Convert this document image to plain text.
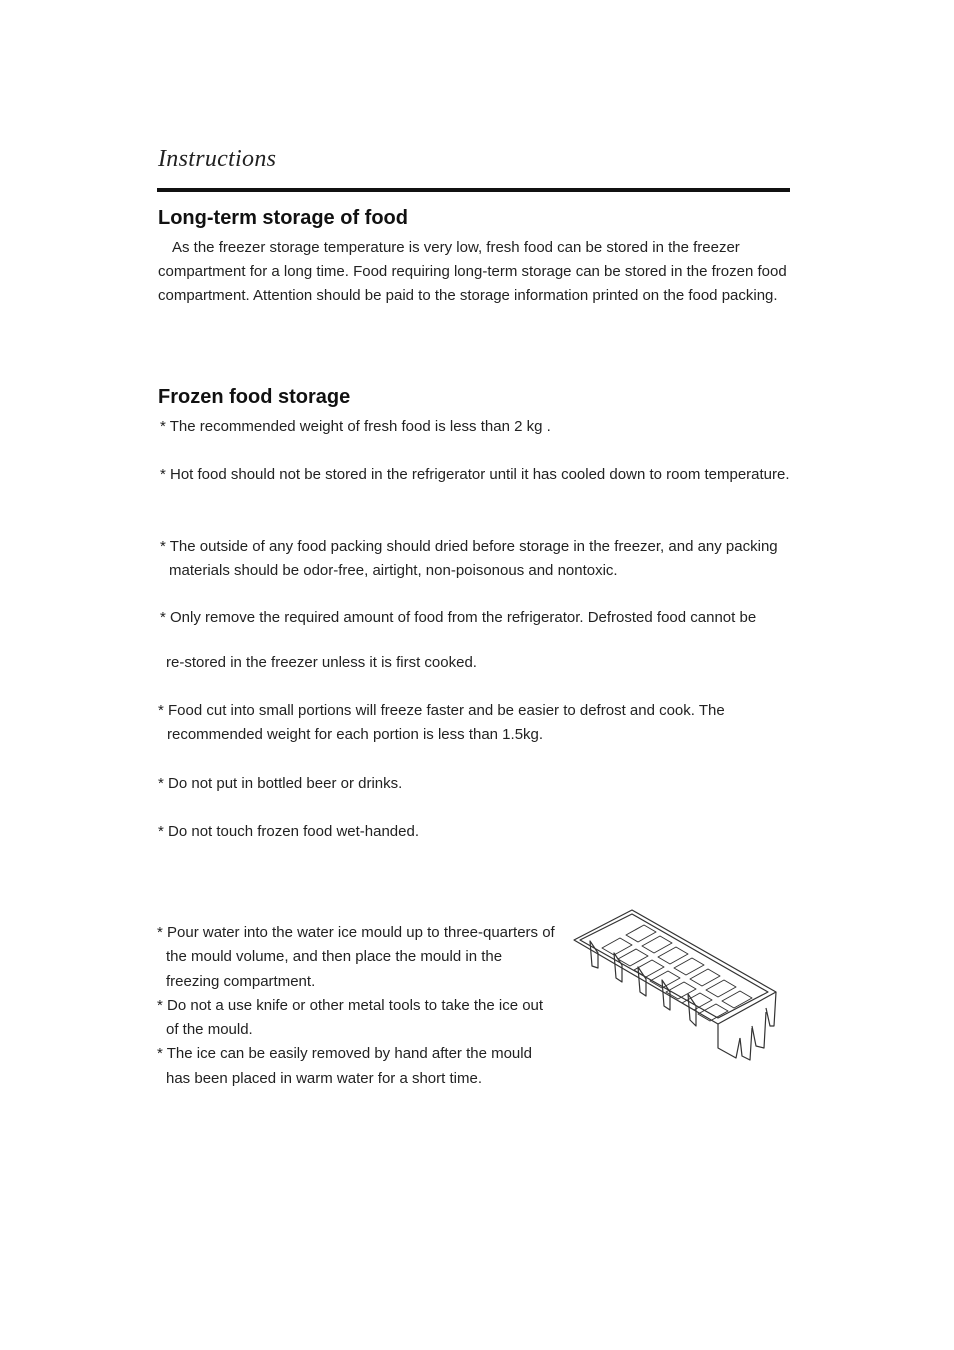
Instructions
Long-term storage of food

As the freezer storage temperature is very low, fresh food can be stored in the freezer compartment for a long time. Food requiring long-term storage can be stored in the frozen food compartment. Attention should be paid to the storage information printed on the food packing.

Frozen food storage
* The recommended weight of fresh food is less than 2 kg .
* Hot food should not be stored in the refrigerator until it has cooled down to room temperature.
* The outside of any food packing should dried before storage in the freezer, and any packing materials should be odor-free, airtight, non-poisonous and nontoxic.
* Only remove the required amount of food from the refrigerator. Defrosted food cannot be
re-stored in the freezer unless it is first cooked.
* Food cut into small portions will freeze faster and be easier to defrost and cook. The recommended weight for each portion is less than 1.5kg.
* Do not put in bottled beer or drinks.
* Do not touch frozen food wet-handed.
* Pour water into the water ice mould up to three-quarters of the mould volume, and then place the mould in the freezing compartment.
* Do not a use knife or other metal tools to take the ice out of the mould.
* The ice can be easily removed by hand after the mould has been placed in warm water for a short time.
